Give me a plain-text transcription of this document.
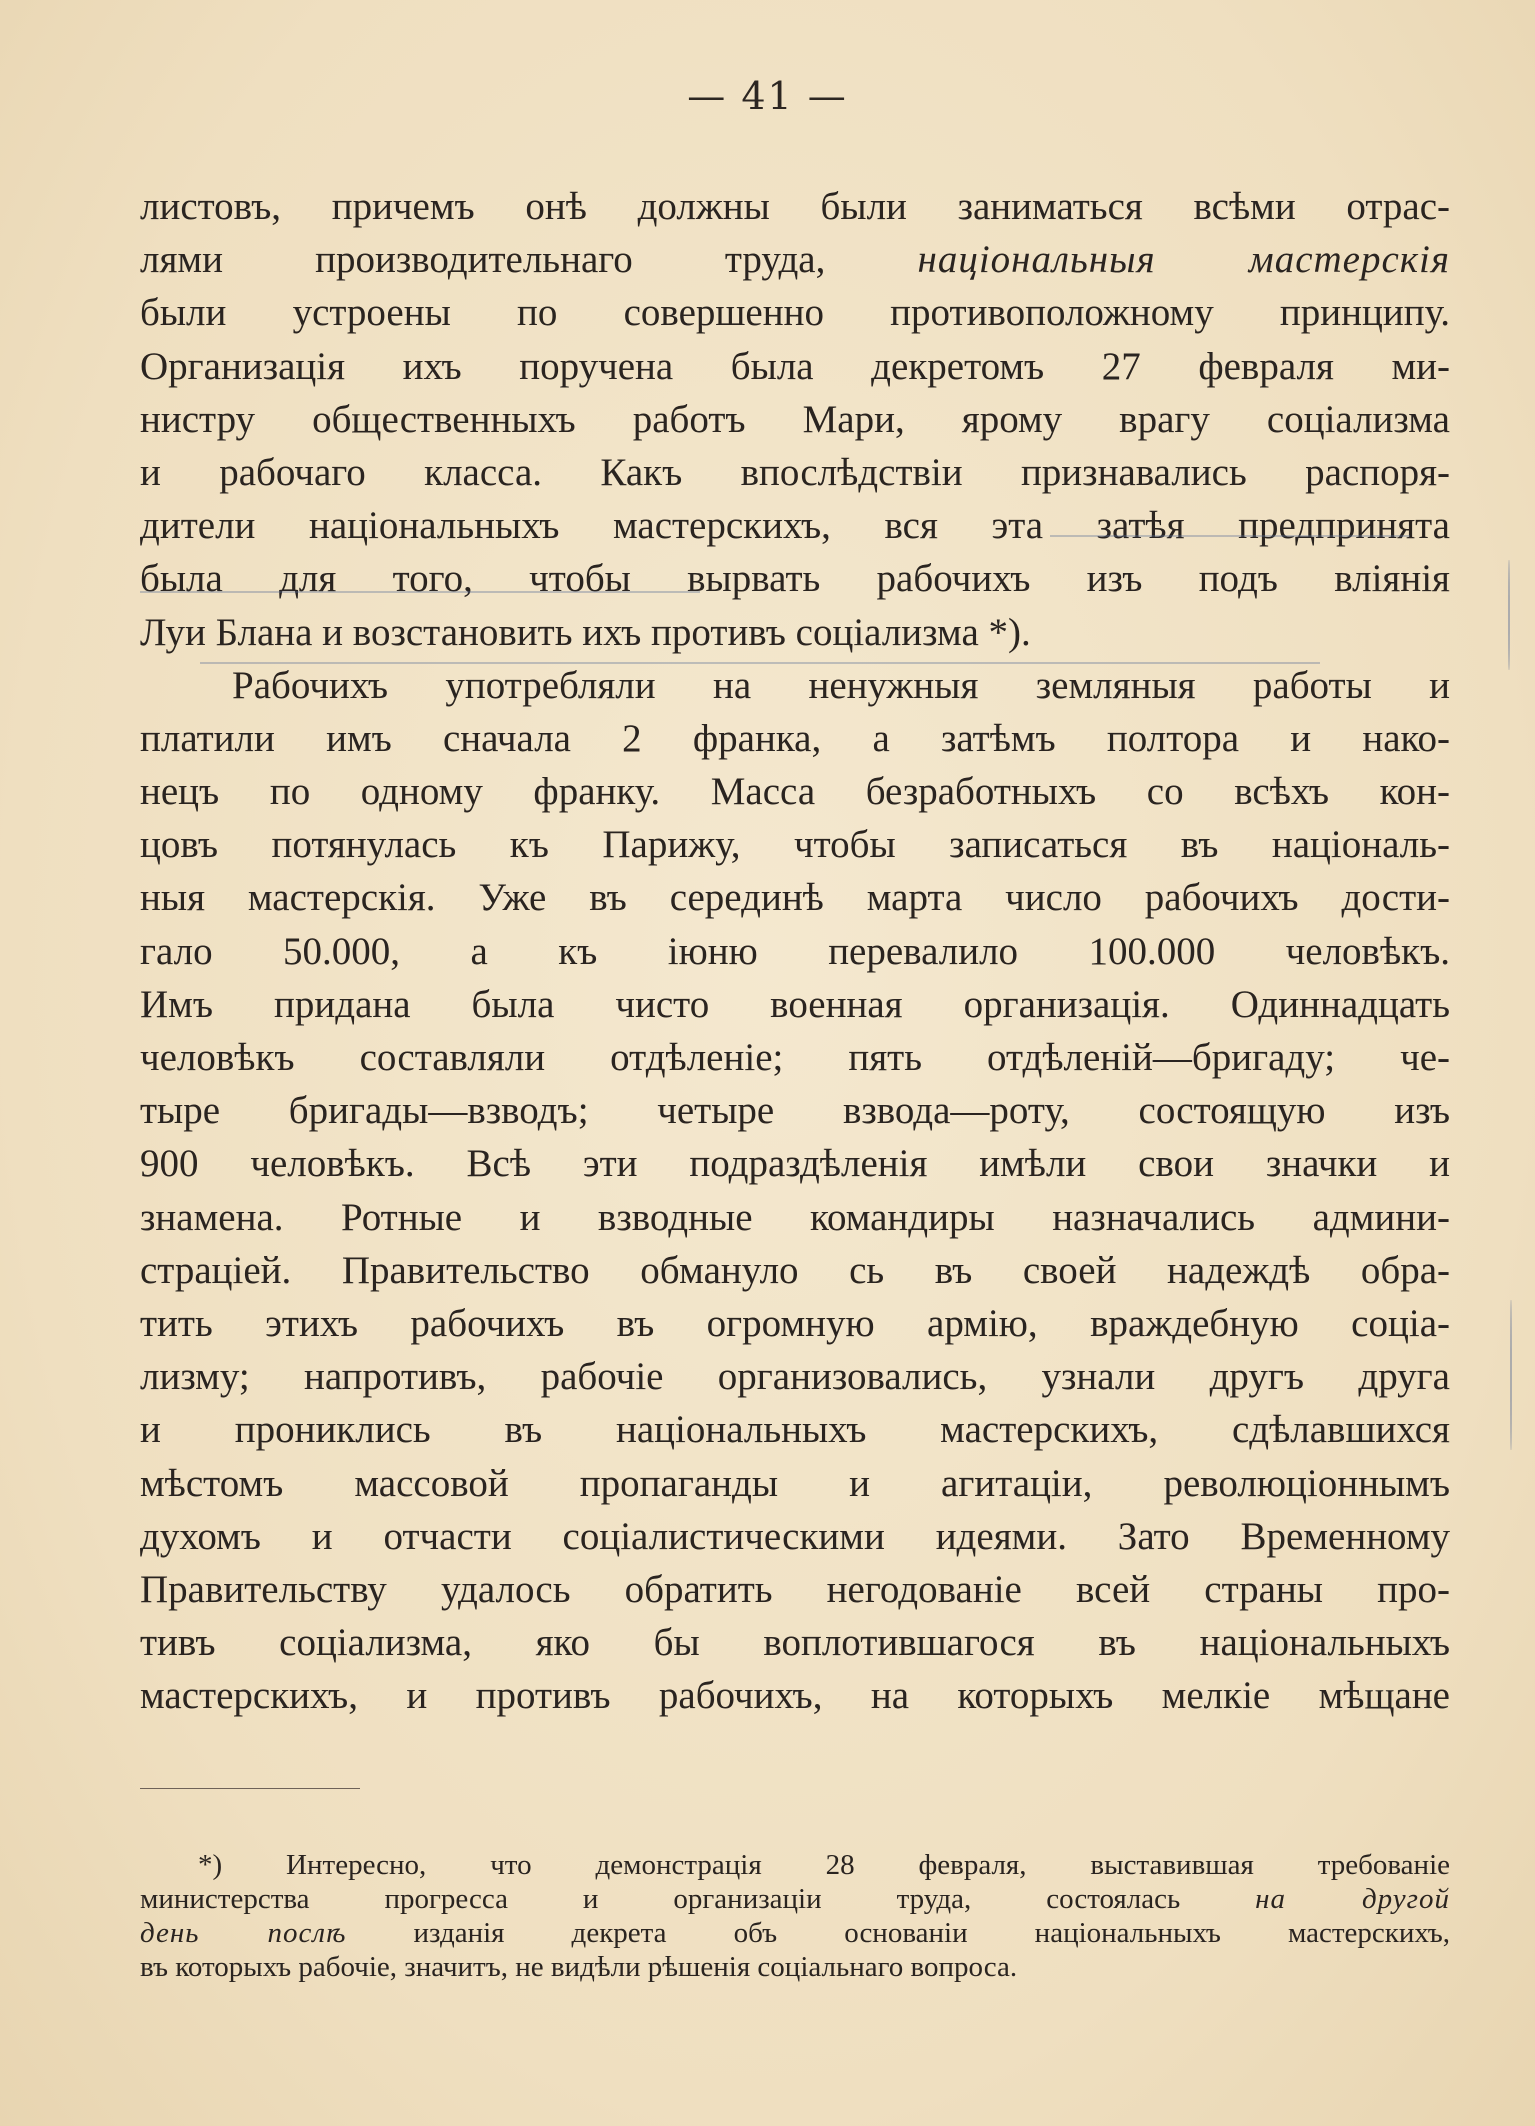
— 41 —
листовъ, причемъ онѣ должны были заниматься всѣми отрас-
лями производительнаго труда, національныя мастерскія
были устроены по совершенно противоположному принципу.
Организація ихъ поручена была декретомъ 27 февраля ми-
нистру общественныхъ работъ Мари, ярому врагу соціализма
и рабочаго класса. Какъ впослѣдствіи признавались распоря-
дители національныхъ мастерскихъ, вся эта затѣя предпринята
была для того, чтобы вырвать рабочихъ изъ подъ вліянія
Луи Блана и возстановить ихъ противъ соціализма *).
Рабочихъ употребляли на ненужныя земляныя работы и
платили имъ сначала 2 франка, а затѣмъ полтора и нако-
нецъ по одному франку. Масса безработныхъ со всѣхъ кон-
цовъ потянулась къ Парижу, чтобы записаться въ національ-
ныя мастерскія. Уже въ серединѣ марта число рабочихъ дости-
гало 50.000, а къ іюню перевалило 100.000 человѣкъ.
Имъ придана была чисто военная организація. Одиннадцать
человѣкъ составляли отдѣленіе; пять отдѣленій—бригаду; че-
тыре бригады—взводъ; четыре взвода—роту, состоящую изъ
900 человѣкъ. Всѣ эти подраздѣленія имѣли свои значки и
знамена. Ротные и взводные командиры назначались админи-
страціей. Правительство обмануло сь въ своей надеждѣ обра-
тить этихъ рабочихъ въ огромную армію, враждебную соціа-
лизму; напротивъ, рабочіе организовались, узнали другъ друга
и прониклись въ національныхъ мастерскихъ, сдѣлавшихся
мѣстомъ массовой пропаганды и агитаціи, революціоннымъ
духомъ и отчасти соціалистическими идеями. Зато Временному
Правительству удалось обратить негодованіе всей страны про-
тивъ соціализма, яко бы воплотившагося въ національныхъ
мастерскихъ, и противъ рабочихъ, на которыхъ мелкіе мѣщане
*) Интересно, что демонстрація 28 февраля, выставившая требованіе
министерства прогресса и организаціи труда, состоялась	на другой
день послѣ изданія декрета объ основаніи національныхъ мастерскихъ,
въ которыхъ рабочіе, значитъ, не видѣли рѣшенія соціальнаго вопроса.
